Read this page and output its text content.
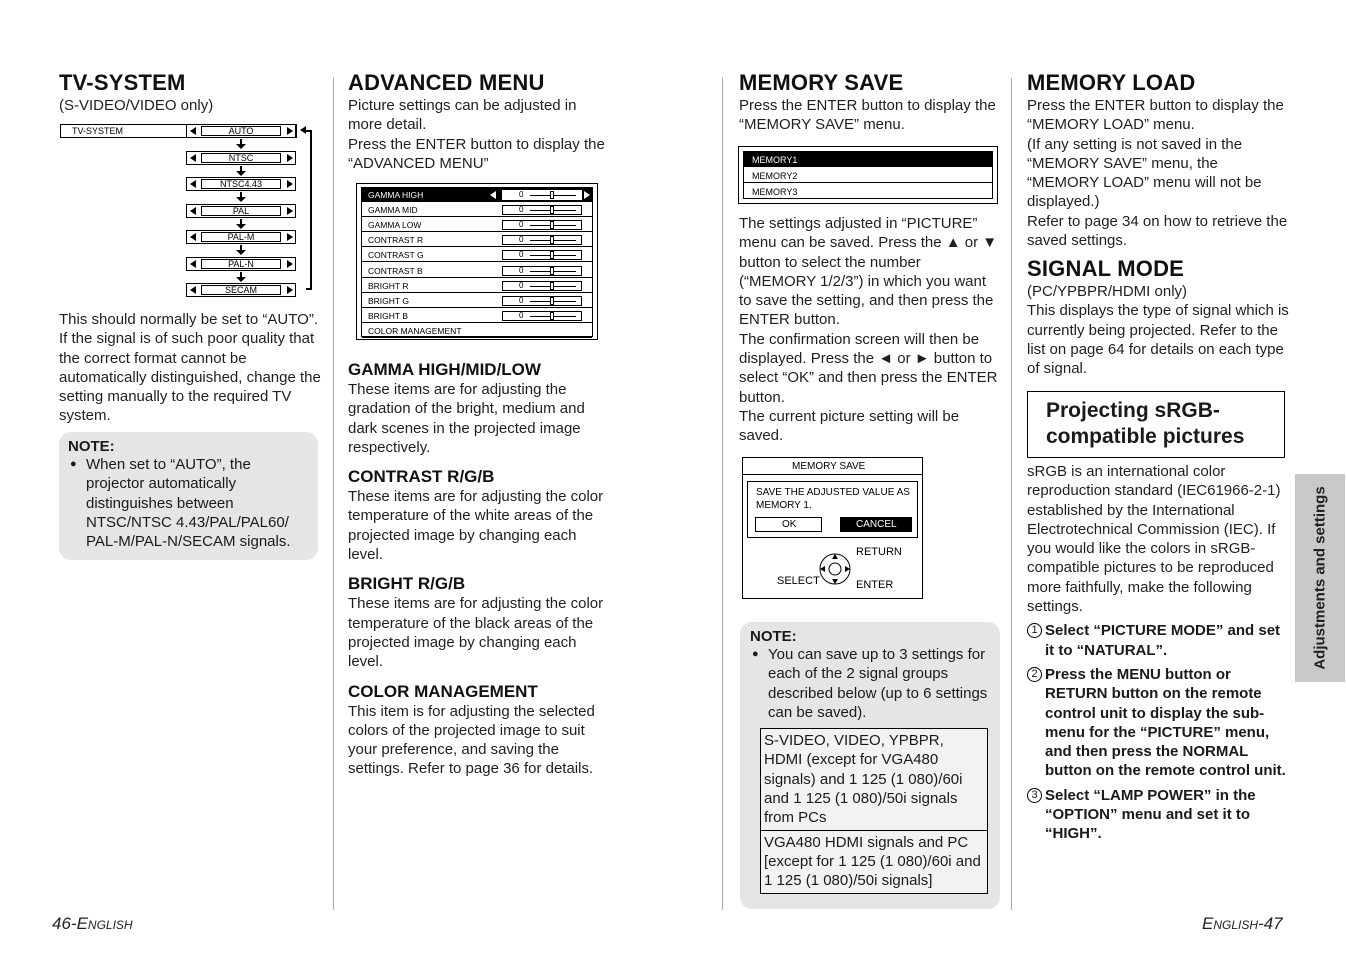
TV-SYSTEM
(S-VIDEO/VIDEO only)
TV-SYSTEM	AUTO
NTSC
NTSC4.43
PAL
PAL-M
PAL-N
SECAM

This should normally be set to “AUTO”. If the signal is of such poor quality that the correct format cannot be automatically distinguished, change the setting manually to the required TV system.

NOTE:
● When set to “AUTO”, the projector automatically distinguishes between NTSC/NTSC 4.43/PAL/PAL60/ PAL-M/PAL-N/SECAM signals.
ADVANCED MENU

Picture settings can be adjusted in more detail.

Press the ENTER button to display the “ADVANCED MENU”

GAMMA HIGH	0
GAMMA MID	0
GAMMA LOW	0
CONTRAST R	0
CONTRAST G	0
CONTRAST B	0
BRIGHT R	0
BRIGHT G	0
BRIGHT B	0
COLOR MANAGEMENT
GAMMA HIGH/MID/LOW

These items are for adjusting the gradation of the bright, medium and dark scenes in the projected image respectively.

CONTRAST R/G/B

These items are for adjusting the color temperature of the white areas of the projected image by changing each level.

BRIGHT R/G/B

These items are for adjusting the color temperature of the black areas of the projected image by changing each level.

COLOR MANAGEMENT

This item is for adjusting the selected colors of the projected image to suit your preference, and saving the settings. Refer to page 36 for details.

46-English
MEMORY SAVE

Press the ENTER button to display the “MEMORY SAVE” menu.

MEMORY1
MEMORY2
MEMORY3

The settings adjusted in “PICTURE” menu can be saved. Press the ▲ or ▼ button to select the number (“MEMORY 1/2/3”) in which you want to save the setting, and then press the ENTER button.

The confirmation screen will then be displayed. Press the ◄ or ► button to select “OK” and then press the ENTER button.

The current picture setting will be saved.

MEMORY SAVE
SAVE THE ADJUSTED VALUE AS MEMORY 1.
OK	CANCEL
RETURN
SELECT	ENTER
NOTE:
● You can save up to 3 settings for each of the 2 signal groups described below (up to 6 settings can be saved).
S-VIDEO, VIDEO, YPBPR, HDMI (except for VGA480 signals) and 1 125 (1 080)/60i and 1 125 (1 080)/50i signals from PCs
VGA480 HDMI signals and PC [except for 1 125 (1 080)/60i and 1 125 (1 080)/50i signals]
MEMORY LOAD

Press the ENTER button to display the “MEMORY LOAD” menu.

(If any setting is not saved in the “MEMORY SAVE” menu, the “MEMORY LOAD” menu will not be displayed.)

Refer to page 34 on how to retrieve the saved settings.

SIGNAL MODE
(PC/YPBPR/HDMI only)

This displays the type of signal which is currently being projected. Refer to the list on page 64 for details on each type of signal.

Projecting sRGB-
compatible pictures

sRGB is an international color reproduction standard (IEC61966-2-1) established by the International Electrotechnical Commission (IEC). If you would like the colors in sRGB-compatible pictures to be reproduced more faithfully, make the following settings.

1 Select “PICTURE MODE” and set it to “NATURAL”.
2 Press the MENU button or RETURN button on the remote control unit to display the sub-menu for the “PICTURE” menu, and then press the NORMAL button on the remote control unit.
3 Select “LAMP POWER” in the “OPTION” menu and set it to “HIGH”.
Adjustments and settings
English-47
